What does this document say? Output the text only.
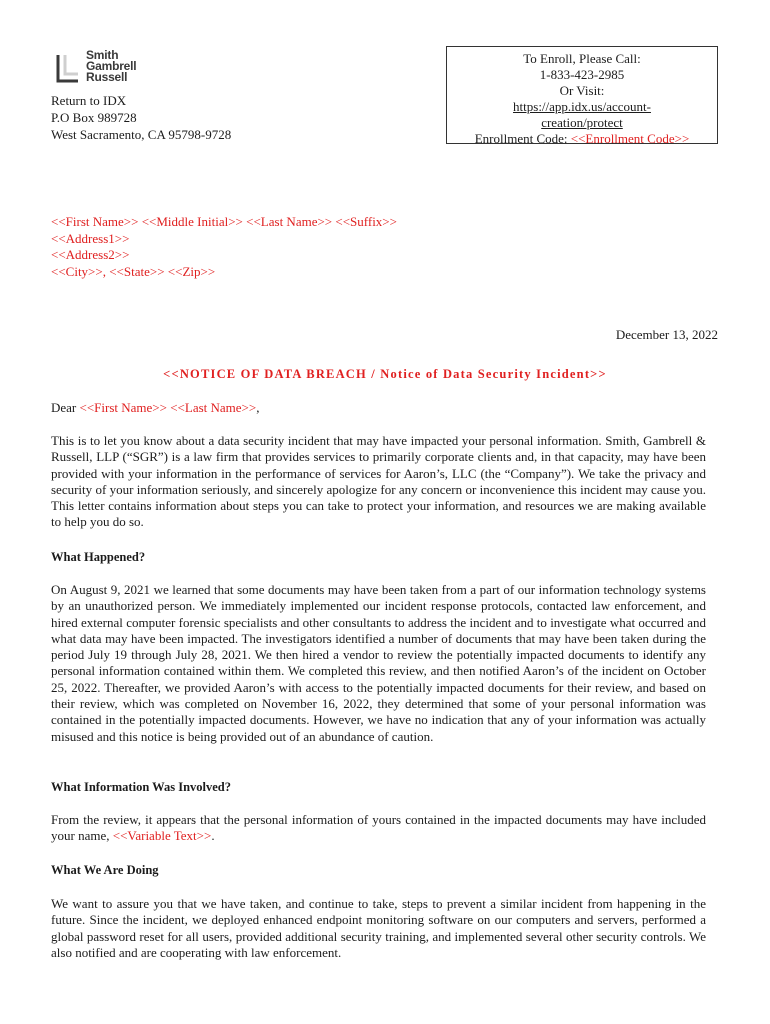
Smith
Gambrell
Russell
Return to IDX
P.O Box 989728
West Sacramento, CA 95798-9728
To Enroll, Please Call:
1-833-423-2985
Or Visit:
https://app.idx.us/account-
creation/protect
Enrollment Code: <<Enrollment Code>>
<<First Name>> <<Middle Initial>> <<Last Name>> <<Suffix>>
<<Address1>>
<<Address2>>
<<City>>, <<State>> <<Zip>>
December 13, 2022
<<NOTICE OF DATA BREACH / Notice of Data Security Incident>>
Dear <<First Name>> <<Last Name>>,
This is to let you know about a data security incident that may have impacted your personal information. Smith, Gambrell & Russell, LLP (“SGR”) is a law firm that provides services to primarily corporate clients and, in that capacity, may have been provided with your information in the performance of services for Aaron’s, LLC (the “Company”). We take the privacy and security of your information seriously, and sincerely apologize for any concern or inconvenience this incident may cause you. This letter contains information about steps you can take to protect your information, and resources we are making available to help you do so.
What Happened?
On August 9, 2021 we learned that some documents may have been taken from a part of our information technology systems by an unauthorized person. We immediately implemented our incident response protocols, contacted law enforcement, and hired external computer forensic specialists and other consultants to address the incident and to investigate what occurred and what data may have been impacted. The investigators identified a number of documents that may have been taken during the period July 19 through July 28, 2021. We then hired a vendor to review the potentially impacted documents to identify any personal information contained within them. We completed this review, and then notified Aaron’s of the incident on October 25, 2022. Thereafter, we provided Aaron’s with access to the potentially impacted documents for their review, and based on their review, which was completed on November 16, 2022, they determined that some of your personal information was contained in the potentially impacted documents. However, we have no indication that any of your information was actually misused and this notice is being provided out of an abundance of caution.
What Information Was Involved?
From the review, it appears that the personal information of yours contained in the impacted documents may have included your name, <<Variable Text>>.
What We Are Doing
We want to assure you that we have taken, and continue to take, steps to prevent a similar incident from happening in the future. Since the incident, we deployed enhanced endpoint monitoring software on our computers and servers, performed a global password reset for all users, provided additional security training, and implemented several other security controls. We also notified and are cooperating with law enforcement.
